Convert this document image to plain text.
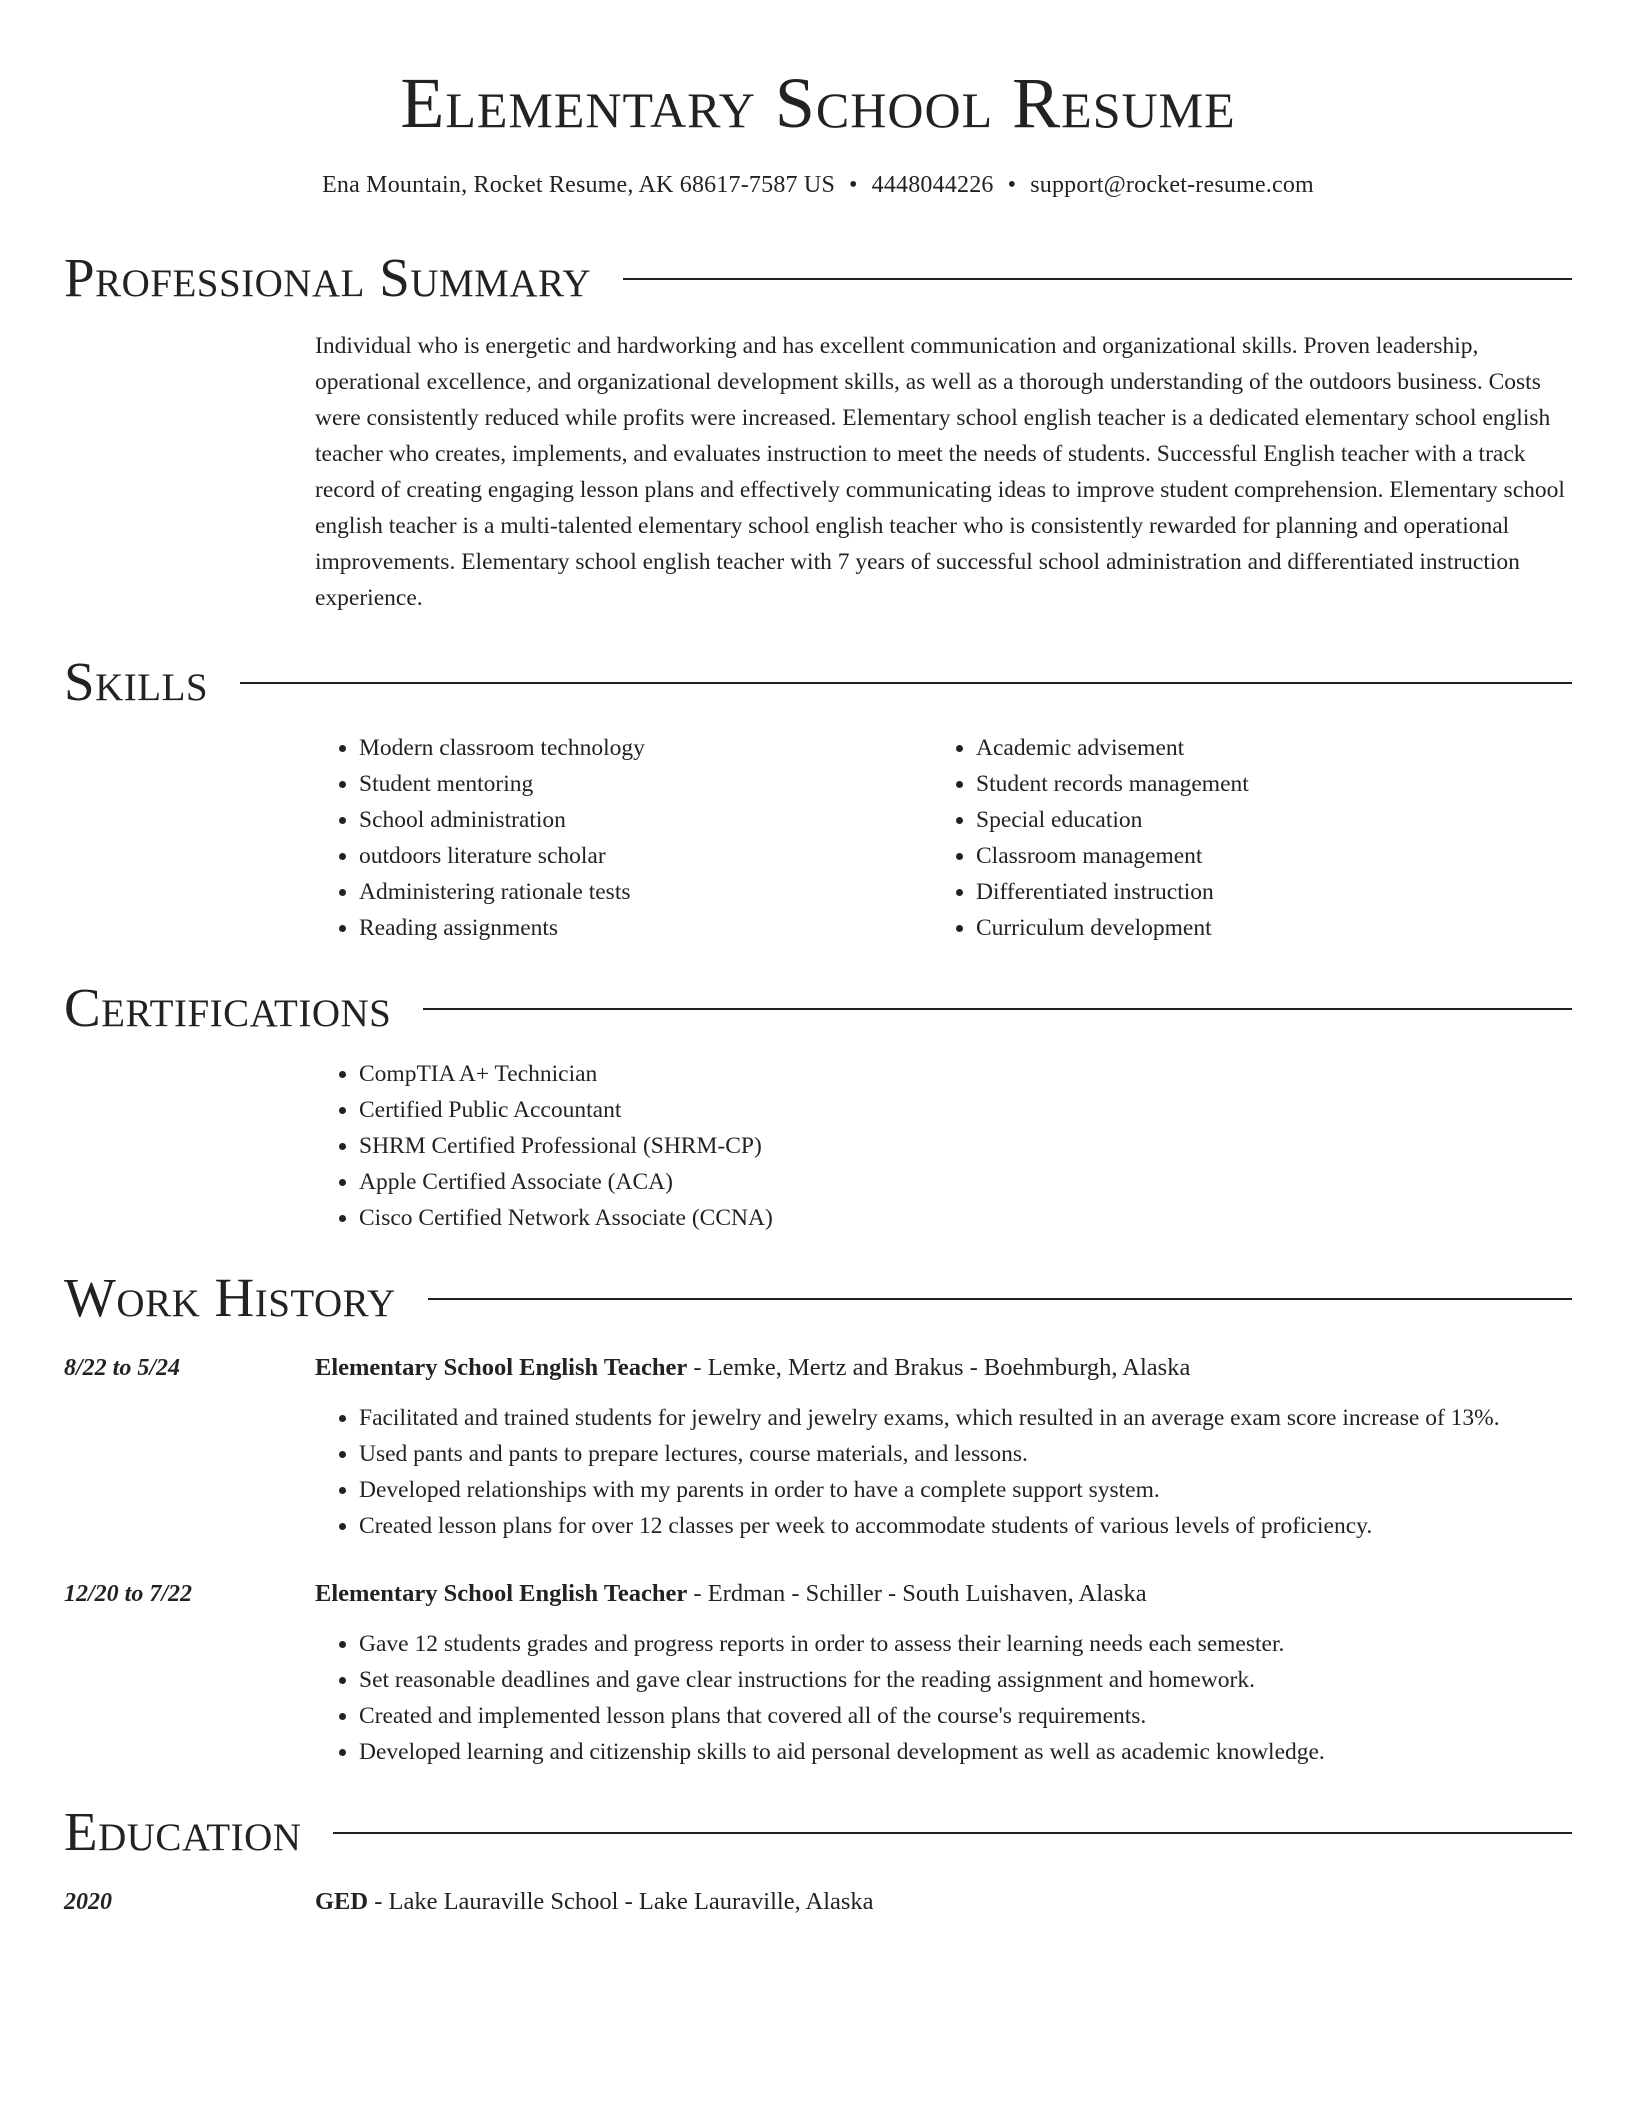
Elementary School Resume
Ena Mountain, Rocket Resume, AK 68617-7587 US • 4448044226 • support@rocket-resume.com
Professional Summary
Individual who is energetic and hardworking and has excellent communication and organizational skills. Proven leadership, operational excellence, and organizational development skills, as well as a thorough understanding of the outdoors business. Costs were consistently reduced while profits were increased. Elementary school english teacher is a dedicated elementary school english teacher who creates, implements, and evaluates instruction to meet the needs of students. Successful English teacher with a track record of creating engaging lesson plans and effectively communicating ideas to improve student comprehension. Elementary school english teacher is a multi-talented elementary school english teacher who is consistently rewarded for planning and operational improvements. Elementary school english teacher with 7 years of successful school administration and differentiated instruction experience.
Skills
• Modern classroom technology
• Student mentoring
• School administration
• outdoors literature scholar
• Administering rationale tests
• Reading assignments
• Academic advisement
• Student records management
• Special education
• Classroom management
• Differentiated instruction
• Curriculum development
Certifications
• CompTIA A+ Technician
• Certified Public Accountant
• SHRM Certified Professional (SHRM-CP)
• Apple Certified Associate (ACA)
• Cisco Certified Network Associate (CCNA)
Work History
8/22 to 5/24	Elementary School English Teacher - Lemke, Mertz and Brakus - Boehmburgh, Alaska
• Facilitated and trained students for jewelry and jewelry exams, which resulted in an average exam score increase of 13%.
• Used pants and pants to prepare lectures, course materials, and lessons.
• Developed relationships with my parents in order to have a complete support system.
• Created lesson plans for over 12 classes per week to accommodate students of various levels of proficiency.
12/20 to 7/22	Elementary School English Teacher - Erdman - Schiller - South Luishaven, Alaska
• Gave 12 students grades and progress reports in order to assess their learning needs each semester.
• Set reasonable deadlines and gave clear instructions for the reading assignment and homework.
• Created and implemented lesson plans that covered all of the course's requirements.
• Developed learning and citizenship skills to aid personal development as well as academic knowledge.
Education
2020	GED - Lake Lauraville School - Lake Lauraville, Alaska
